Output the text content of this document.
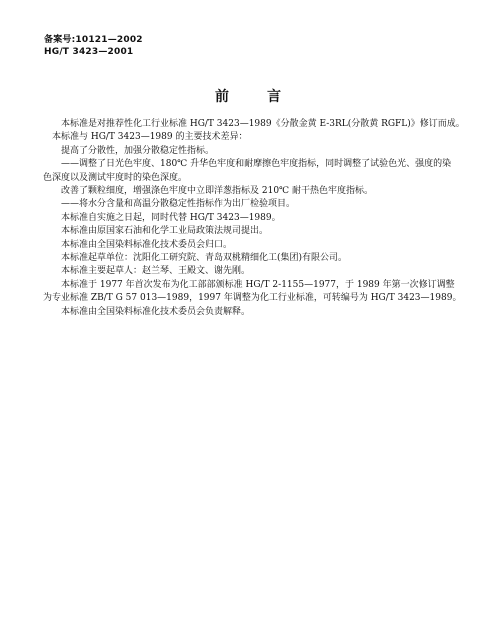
备案号:10121—2002
HG/T 3423—2001
前	言

本标准是对推荐性化工行业标准 HG/T 3423—1989《分散金黄 E-3RL(分散黄 RGFL)》修订而成。

本标准与 HG/T 3423—1989 的主要技术差异：

提高了分散性，加强分散稳定性指标。

——调整了日光色牢度、180℃ 升华色牢度和耐摩擦色牢度指标，同时调整了试验色光、强度的染

色深度以及测试牢度时的染色深度。

改善了颗粒细度，增强涤色牢度中立即洋葱指标及 210℃ 耐干热色牢度指标。

——将水分含量和高温分散稳定性指标作为出厂检验项目。

本标准自实施之日起，同时代替 HG/T 3423—1989。

本标准由原国家石油和化学工业局政策法规司提出。

本标准由全国染料标准化技术委员会归口。

本标准起草单位：沈阳化工研究院、青岛双桃精细化工(集团)有限公司。

本标准主要起草人：赵兰琴、王殿文、谢先刚。

本标准于 1977 年首次发布为化工部部颁标准 HG/T 2-1155—1977，于 1989 年第一次修订调整

为专业标准 ZB/T G 57 013—1989，1997 年调整为化工行业标准，可转编号为 HG/T 3423—1989。

本标准由全国染料标准化技术委员会负责解释。
